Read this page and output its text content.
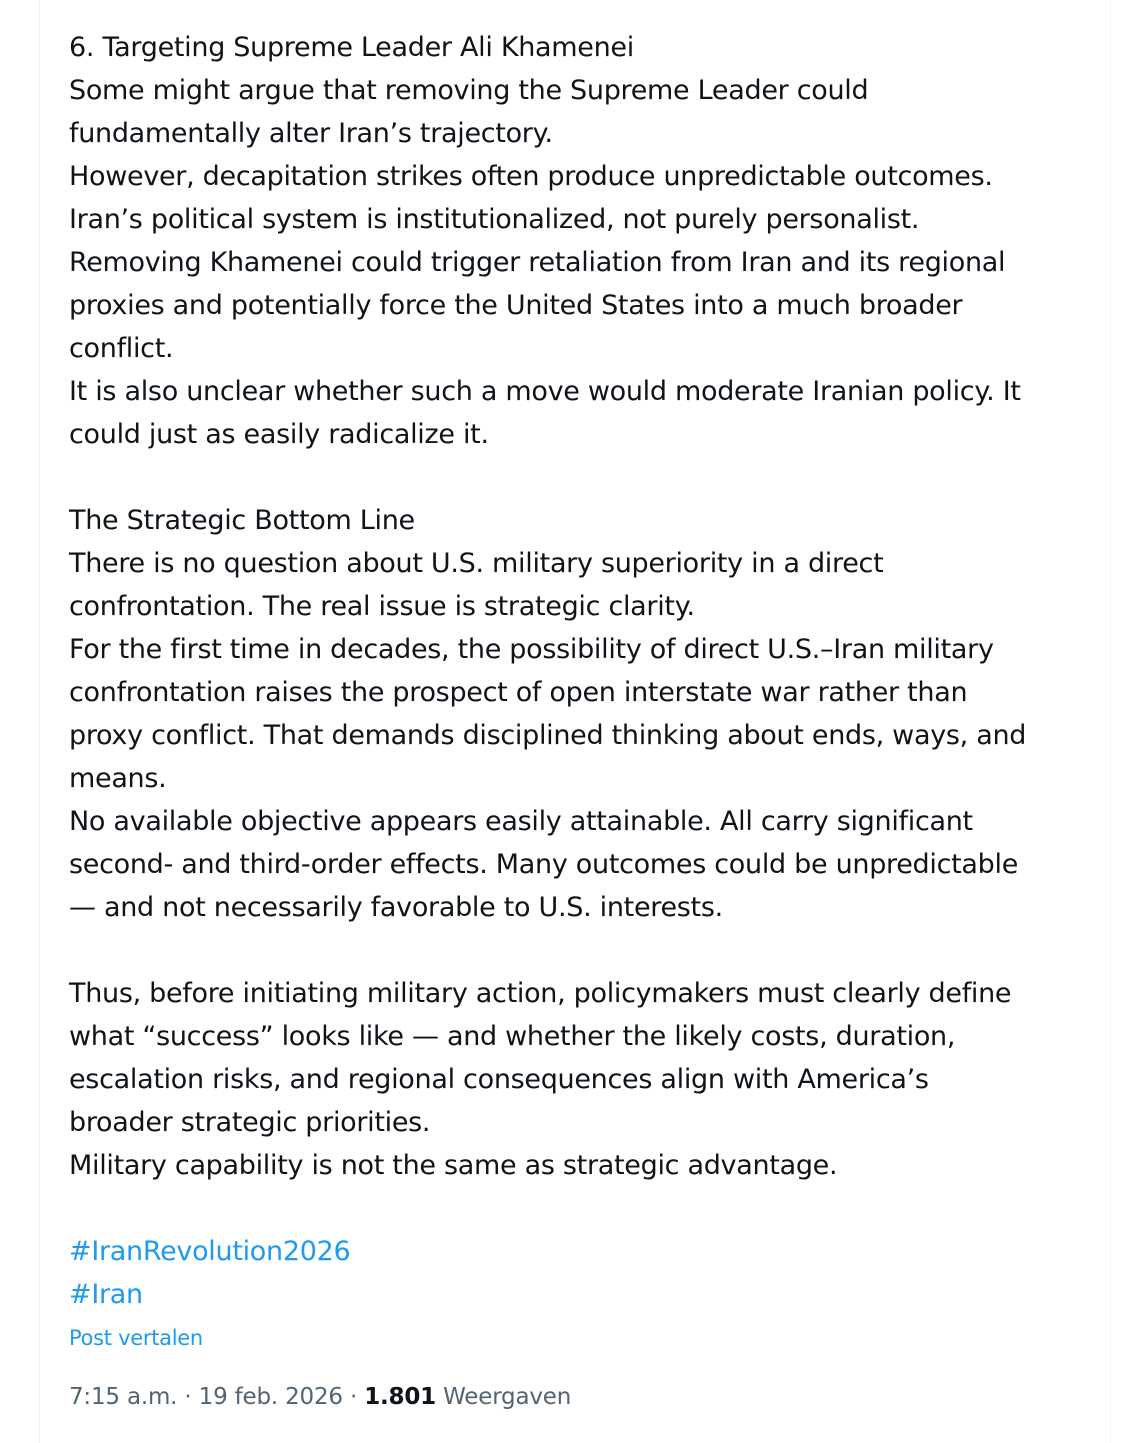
6. Targeting Supreme Leader Ali Khamenei
Some might argue that removing the Supreme Leader could
fundamentally alter Iran’s trajectory.
However, decapitation strikes often produce unpredictable outcomes.
Iran’s political system is institutionalized, not purely personalist.
Removing Khamenei could trigger retaliation from Iran and its regional
proxies and potentially force the United States into a much broader
conflict.
It is also unclear whether such a move would moderate Iranian policy. It
could just as easily radicalize it.
The Strategic Bottom Line
There is no question about U.S. military superiority in a direct
confrontation. The real issue is strategic clarity.
For the first time in decades, the possibility of direct U.S.–Iran military
confrontation raises the prospect of open interstate war rather than
proxy conflict. That demands disciplined thinking about ends, ways, and
means.
No available objective appears easily attainable. All carry significant
second- and third-order effects. Many outcomes could be unpredictable
— and not necessarily favorable to U.S. interests.
Thus, before initiating military action, policymakers must clearly define
what “success” looks like — and whether the likely costs, duration,
escalation risks, and regional consequences align with America’s
broader strategic priorities.
Military capability is not the same as strategic advantage.
#IranRevolution2026
#Iran
Post vertalen
7:15 a.m. · 19 feb. 2026 · 1.801 Weergaven
